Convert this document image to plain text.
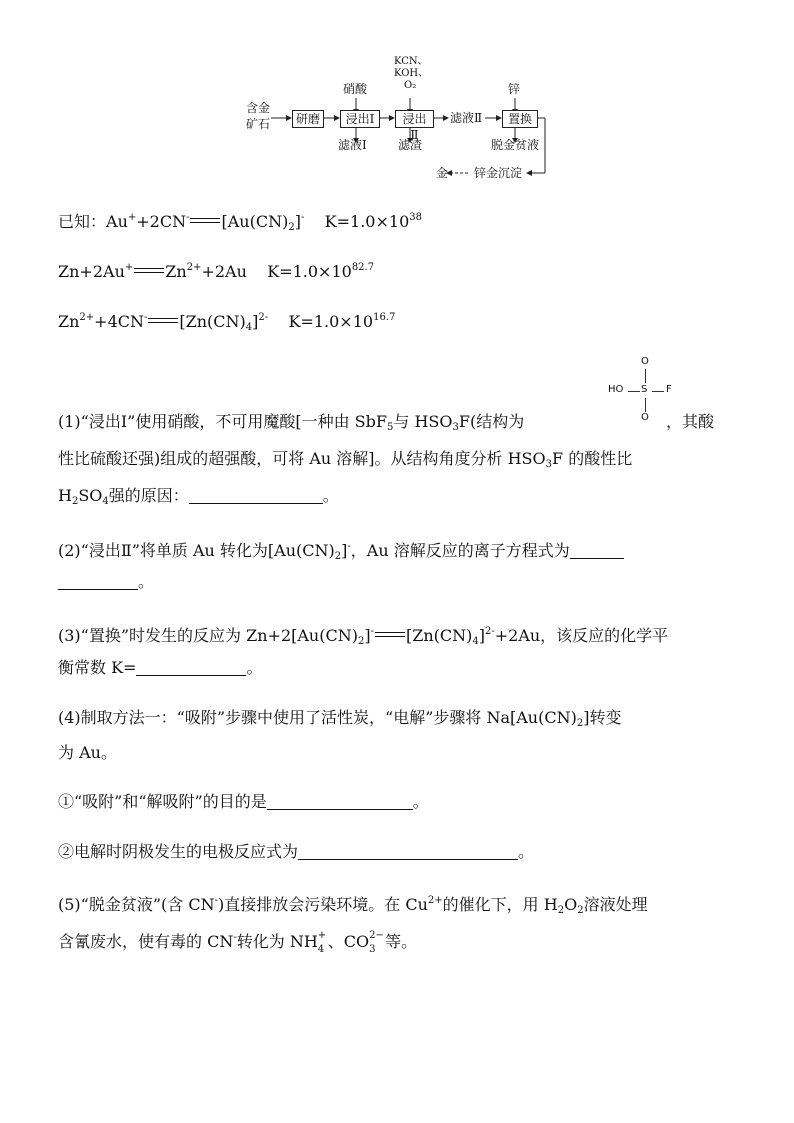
含金
矿石	研磨	浸出Ⅰ	浸出Ⅱ
置换
硝酸
KCN、
KOH、
O₂	锌
滤液Ⅰ	滤渣
滤液Ⅱ
脱金贫液
金 锌金沉淀
已知：Au++2CN- $[Au(CN)_2]^-$ $K=1.0\times 10^{38}$
Zn+2Au+ $Zn^{2+}+2Au$ $K=1.0\times 10^{82.7}$
$Zn^{2+}+4CN^-$ $[Zn(CN)_4]^{2-}$ $K=1.0\times 10^{16.7}$
O
HO S F
O
(1)“浸出Ⅰ”使用硝酸，不可用魔酸[一种由 SbF$_5$与 $HSO_3F$(结构为	，其酸
性比硫酸还强)组成的超强酸，可将 Au 溶解]。从结构角度分析 $HSO_3F$ 的酸性比
$H_2SO_4$强的原因：	。
(2)“浸出Ⅱ”将单质 Au 转化为$[Au(CN)_2]^-$，Au 溶解反应的离子方程式为
。
(3)“置换”时发生的反应为 $Zn+2[Au(CN)_2]^-$ $[Zn(CN)_4]^{2-}+2Au$，该反应的化学平
衡常数 K=	。
(4)制取方法一：“吸附”步骤中使用了活性炭，“电解”步骤将 $Na[Au(CN)_2]$转变
为 Au。
①“吸附”和“解吸附”的目的是	。
②电解时阴极发生的电极反应式为	。
(5)“脱金贫液”(含 CN-)直接排放会污染环境。在 $Cu^{2+}$的催化下，用 $H_2O_2$溶液处理
含氰废水，使有毒的 CN-转化为 NH +
4 、CO 2−
3 等。
